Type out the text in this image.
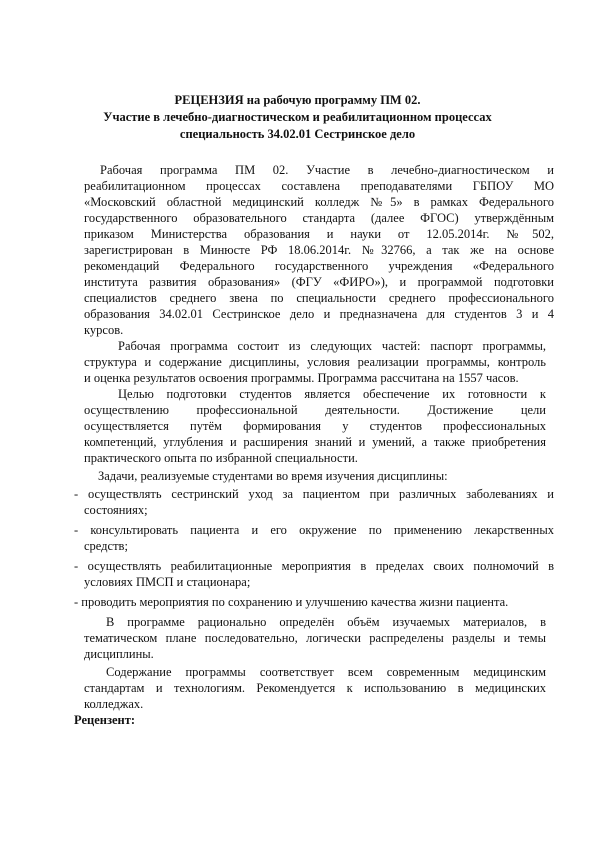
РЕЦЕНЗИЯ на рабочую программу ПМ 02.
Участие в лечебно-диагностическом и реабилитационном процессах
специальность 34.02.01 Сестринское дело
Рабочая программа ПМ 02. Участие в лечебно-диагностическом и
реабилитационном процессах составлена преподавателями ГБПОУ МО
«Московский областной медицинский колледж №5» в рамках Федерального
государственного образовательного стандарта (далее ФГОС) утверждённым
приказом Министерства образования и науки от 12.05.2014г. №502,
зарегистрирован в Минюсте РФ 18.06.2014г. №32766, а так же на основе
рекомендаций Федерального государственного учреждения «Федерального
института развития образования» (ФГУ «ФИРО»), и программой подготовки
специалистов среднего звена по специальности среднего профессионального
образования 34.02.01 Сестринское дело и предназначена для студентов 3 и 4
курсов.
Рабочая программа состоит из следующих частей: паспорт программы,
структура и содержание дисциплины, условия реализации программы, контроль
и оценка результатов освоения программы. Программа рассчитана на 1557 часов.
Целью подготовки студентов является обеспечение их готовности к
осуществлению профессиональной деятельности. Достижение цели
осуществляется путём формирования у студентов профессиональных
компетенций, углубления и расширения знаний и умений, а также приобретения
практического опыта по избранной специальности.
Задачи, реализуемые студентами во время изучения дисциплины:
- осуществлять сестринский уход за пациентом при различных заболеваниях и
состояниях;
- консультировать пациента и его окружение по применению лекарственных
средств;
- осуществлять реабилитационные мероприятия в пределах своих полномочий в
условиях ПМСП и стационара;
- проводить мероприятия по сохранению и улучшению качества жизни пациента.
В программе рационально определён объём изучаемых материалов, в
тематическом плане последовательно, логически распределены разделы и темы
дисциплины.
Содержание программы соответствует всем современным медицинским
стандартам и технологиям. Рекомендуется к использованию в медицинских
колледжах.
Рецензент:
